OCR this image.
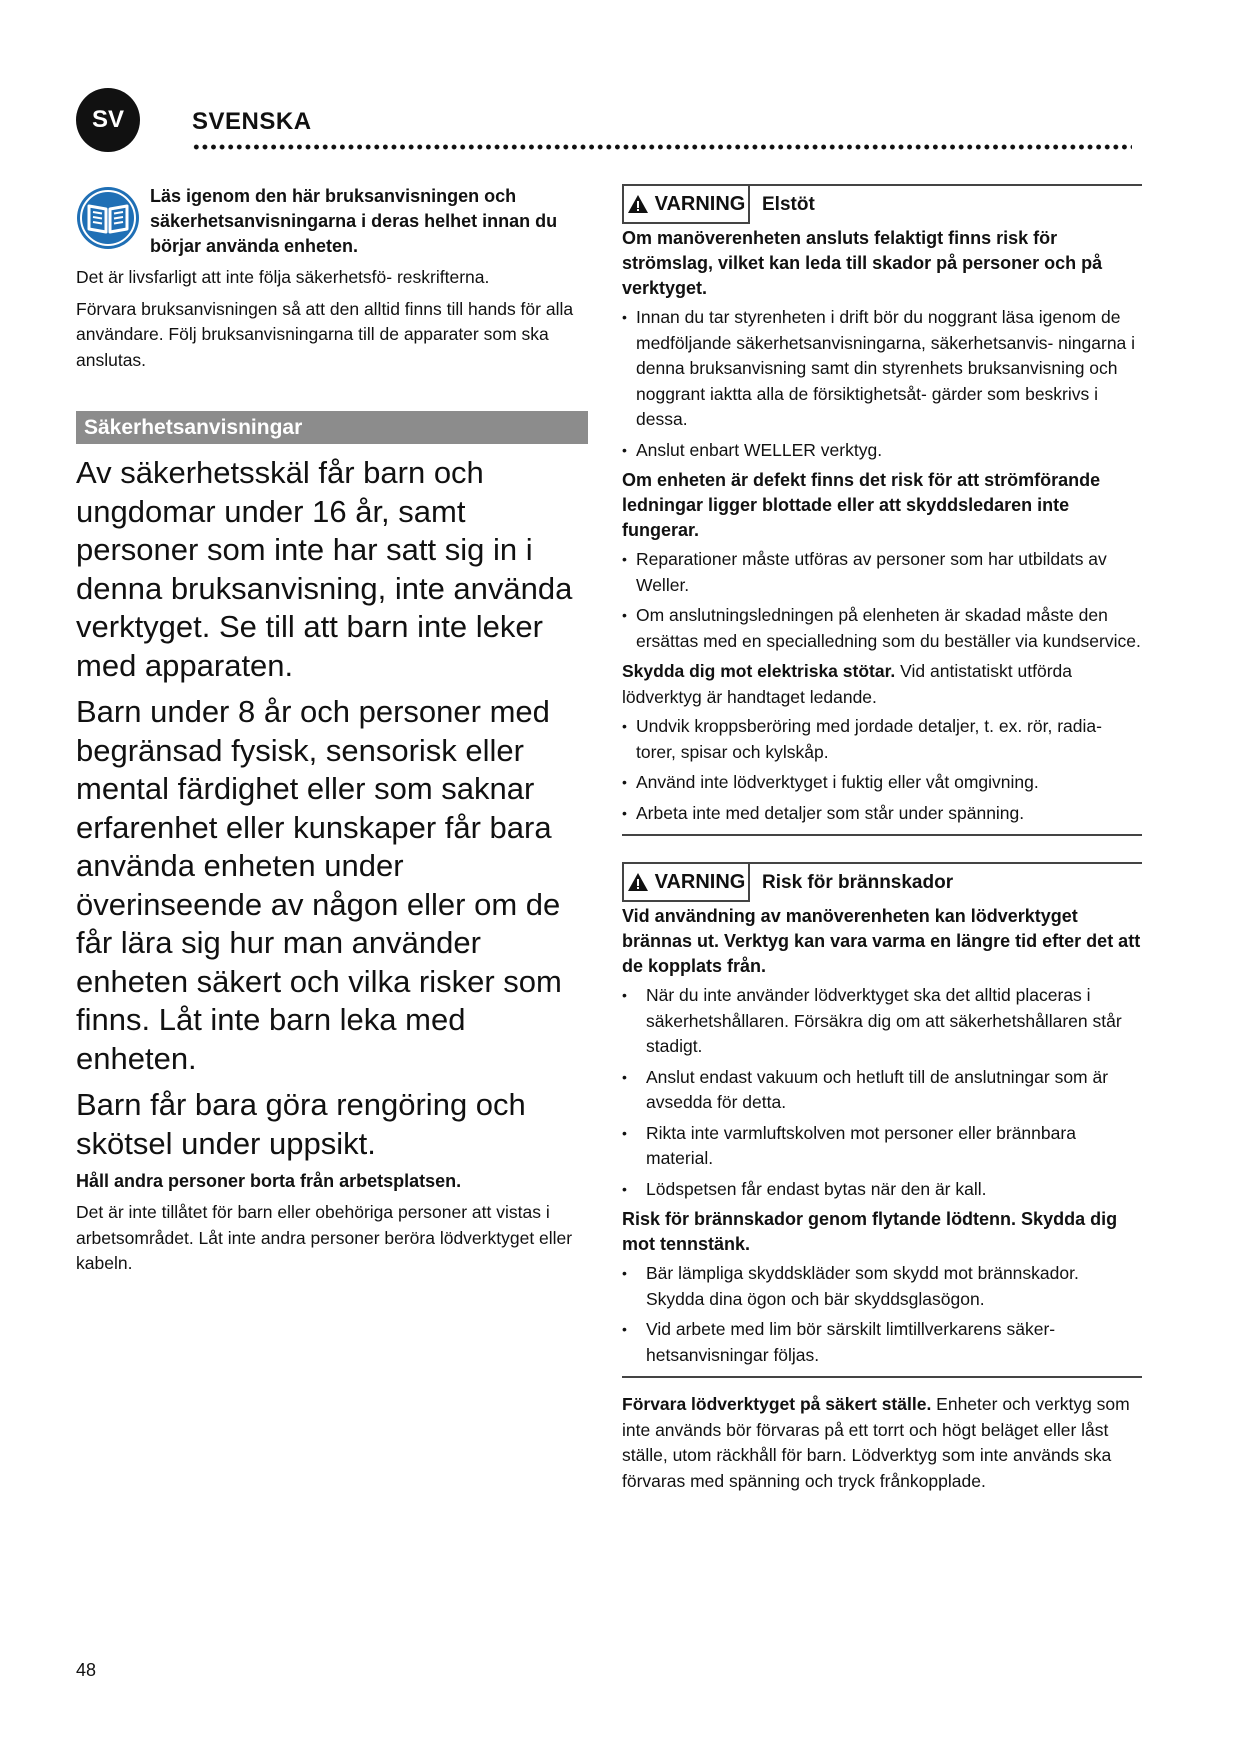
SV	SVENSKA
Läs igenom den här bruksanvisningen och säkerhetsanvisningarna i deras helhet innan du börjar använda enheten.

Det är livsfarligt att inte följa säkerhetsfö- reskrifterna.

Förvara bruksanvisningen så att den alltid finns till hands för alla användare. Följ bruksanvisningarna till de apparater som ska anslutas.

Säkerhetsanvisningar

Av säkerhetsskäl får barn och ungdomar under 16 år, samt personer som inte har satt sig in i denna bruksanvisning, inte använda verktyget. Se till att barn inte leker med apparaten.

Barn under 8 år och personer med begränsad fysisk, sensorisk eller mental färdighet eller som saknar erfarenhet eller kunskaper får bara använda enheten under överinseende av någon eller om de får lära sig hur man använder enheten säkert och vilka risker som finns. Låt inte barn leka med enheten.

Barn får bara göra rengöring och skötsel under uppsikt.

Håll andra personer borta från arbetsplatsen.

Det är inte tillåtet för barn eller obehöriga personer att vistas i arbetsområdet. Låt inte andra personer beröra lödverktyget eller kabeln.

VARNING Elstöt
Om manöverenheten ansluts felaktigt finns risk för strömslag, vilket kan leda till skador på personer och på verktyget.
• Innan du tar styrenheten i drift bör du noggrant läsa igenom de medföljande säkerhetsanvisningarna, säkerhetsanvis- ningarna i denna bruksanvisning samt din styrenhets bruksanvisning och noggrant iaktta alla de försiktighetsåt- gärder som beskrivs i dessa.
• Anslut enbart WELLER verktyg.
Om enheten är defekt finns det risk för att strömförande ledningar ligger blottade eller att skyddsledaren inte fungerar.
• Reparationer måste utföras av personer som har utbildats av Weller.
• Om anslutningsledningen på elenheten är skadad måste den ersättas med en specialledning som du beställer via kundservice.
Skydda dig mot elektriska stötar. Vid antistatiskt utförda lödverktyg är handtaget ledande.
• Undvik kroppsberöring med jordade detaljer, t. ex. rör, radia- torer, spisar och kylskåp.
• Använd inte lödverktyget i fuktig eller våt omgivning.
• Arbeta inte med detaljer som står under spänning.
VARNING Risk för brännskador
Vid användning av manöverenheten kan lödverktyget brännas ut. Verktyg kan vara varma en längre tid efter det att de kopplats från.
• När du inte använder lödverktyget ska det alltid placeras i säkerhetshållaren. Försäkra dig om att säkerhetshållaren står stadigt.
• Anslut endast vakuum och hetluft till de anslutningar som är avsedda för detta.
• Rikta inte varmluftskolven mot personer eller brännbara material.
• Lödspetsen får endast bytas när den är kall.
Risk för brännskador genom flytande lödtenn. Skydda dig mot tennstänk.
• Bär lämpliga skyddskläder som skydd mot brännskador. Skydda dina ögon och bär skyddsglasögon.
• Vid arbete med lim bör särskilt limtillverkarens säker- hetsanvisningar följas.
Förvara lödverktyget på säkert ställe. Enheter och verktyg som inte används bör förvaras på ett torrt och högt beläget eller låst ställe, utom räckhåll för barn. Lödverktyg som inte används ska förvaras med spänning och tryck frånkopplade.
48
